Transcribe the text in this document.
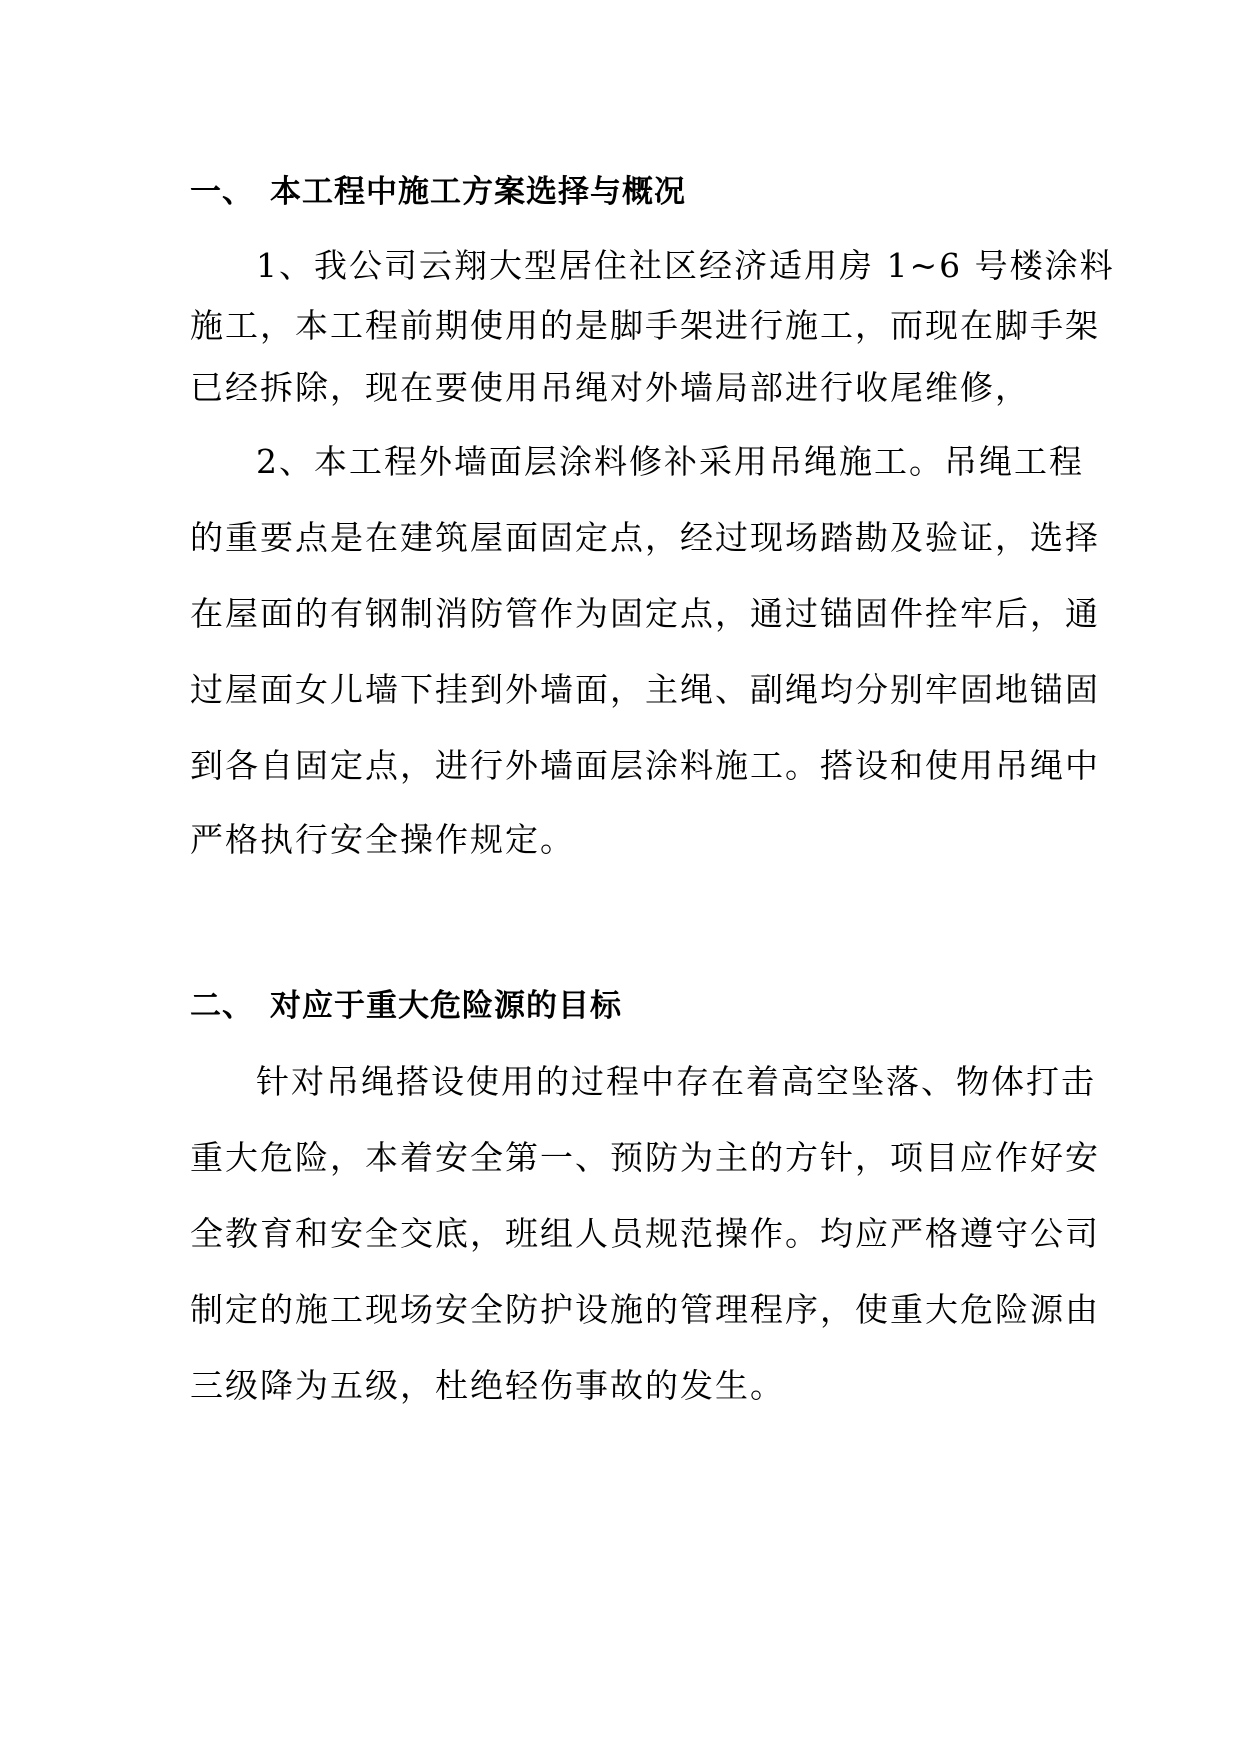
一、 本工程中施工方案选择与概况
1、我公司云翔大型居住社区经济适用房 1~6 号楼涂料
施工，本工程前期使用的是脚手架进行施工，而现在脚手架
已经拆除，现在要使用吊绳对外墙局部进行收尾维修，
2、本工程外墙面层涂料修补采用吊绳施工。吊绳工程
的重要点是在建筑屋面固定点，经过现场踏勘及验证，选择
在屋面的有钢制消防管作为固定点，通过锚固件拴牢后，通
过屋面女儿墙下挂到外墙面，主绳、副绳均分别牢固地锚固
到各自固定点，进行外墙面层涂料施工。搭设和使用吊绳中
严格执行安全操作规定。
二、 对应于重大危险源的目标
针对吊绳搭设使用的过程中存在着高空坠落、物体打击
重大危险，本着安全第一、预防为主的方针，项目应作好安
全教育和安全交底，班组人员规范操作。均应严格遵守公司
制定的施工现场安全防护设施的管理程序，使重大危险源由
三级降为五级，杜绝轻伤事故的发生。
